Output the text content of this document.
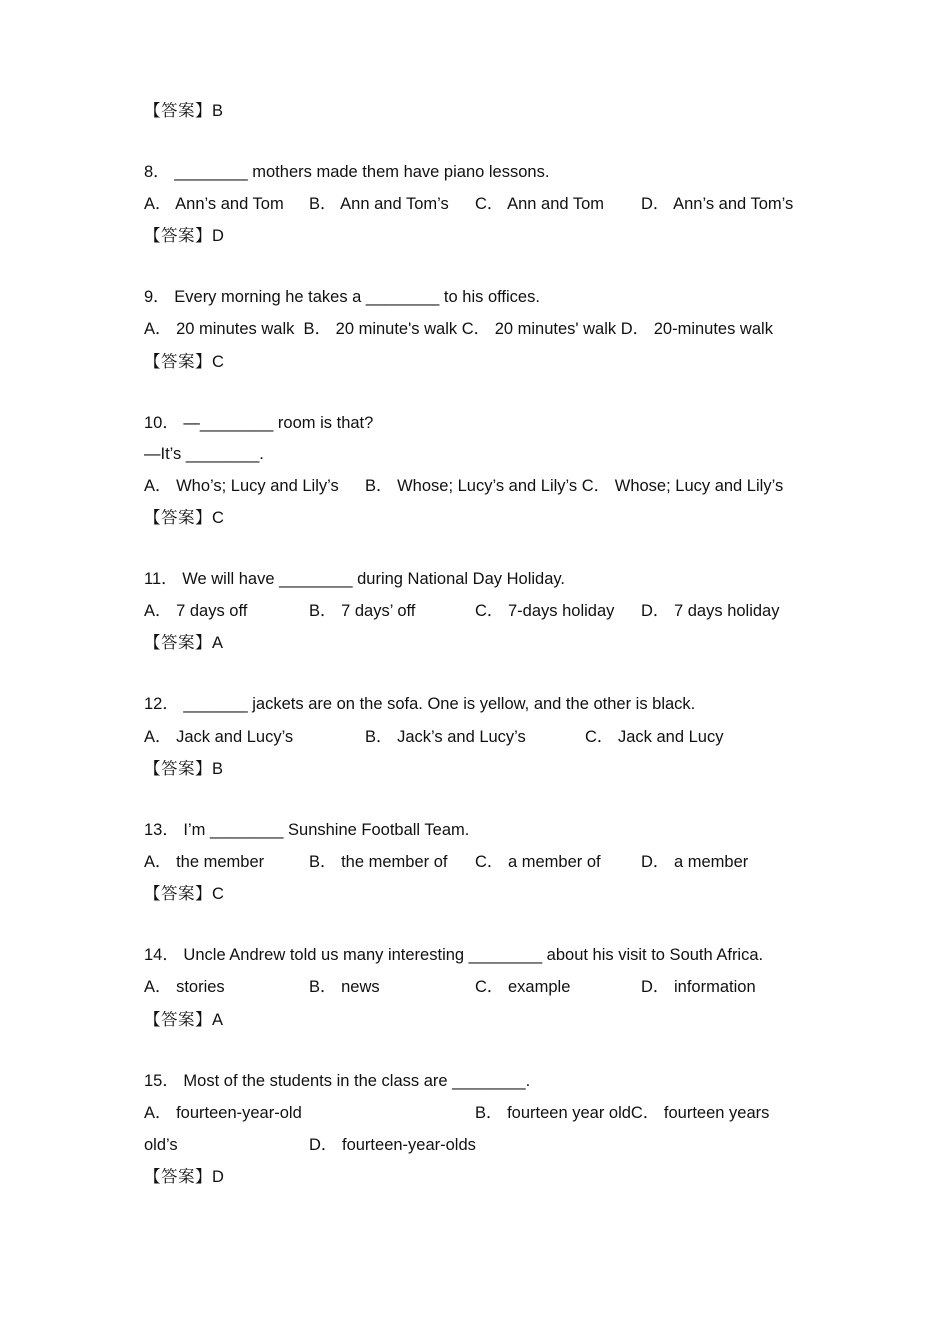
【答案】B
8． ________ mothers made them have piano lessons.
A． Ann’s and Tom B． Ann and Tom’s C． Ann and Tom D． Ann’s and Tom’s
【答案】D
9． Every morning he takes a ________ to his offices.
A． 20 minutes walk  B． 20 minute's walk C． 20 minutes' walk D． 20-minutes walk
【答案】C
10． —________ room is that?
—It’s ________.
A． Who’s; Lucy and Lily’s B． Whose; Lucy’s and Lily’s C． Whose; Lucy and Lily’s
【答案】C
11． We will have ________ during National Day Holiday.
A． 7 days off	B． 7 days’ off	C． 7-days holiday D． 7 days holiday
【答案】A
12． _______ jackets are on the sofa. One is yellow, and the other is black.
A． Jack and Lucy’s	B． Jack’s and Lucy’s	C． Jack and Lucy
【答案】B
13． I’m ________ Sunshine Football Team.
A． the member	B． the member of C． a member of D． a member
【答案】C
14． Uncle Andrew told us many interesting ________ about his visit to South Africa.
A． stories	B． news	C． example	D． information
【答案】A
15． Most of the students in the class are ________.
A． fourteen-year-old	B． fourteen year oldC． fourteen years
old’s	D． fourteen-year-olds
【答案】D
